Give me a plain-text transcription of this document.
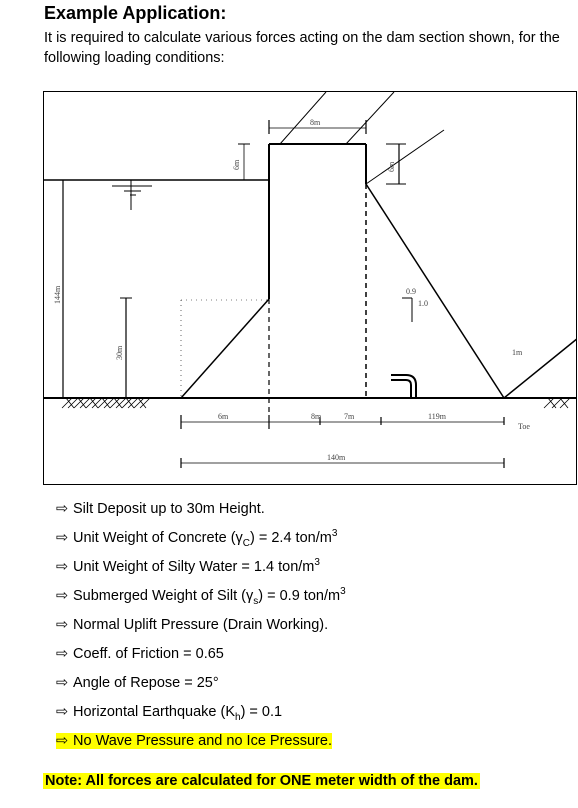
Example Application:
It is required to calculate various forces acting on the dam section shown, for the following loading conditions:
8m
6m	6m
144m
30m
0.9
1.0
1m
6m	8m	7m	119m
Toe
140m
⇨ Silt Deposit up to 30m Height.
⇨ Unit Weight of Concrete $(\gamma_C) = 2.4$ ton/$m^3$
⇨ Unit Weight of Silty Water = 1.4 ton/$m^3$
⇨ Submerged Weight of Silt $(\gamma_s) = 0.9$ ton/$m^3$
⇨ Normal Uplift Pressure (Drain Working).
⇨ Coeff. of Friction = 0.65
⇨ Angle of Repose = 25°
⇨ Horizontal Earthquake $(K_h) = 0.1$
⇨ No Wave Pressure and no Ice Pressure.
Note: All forces are calculated for ONE meter width of the dam.
